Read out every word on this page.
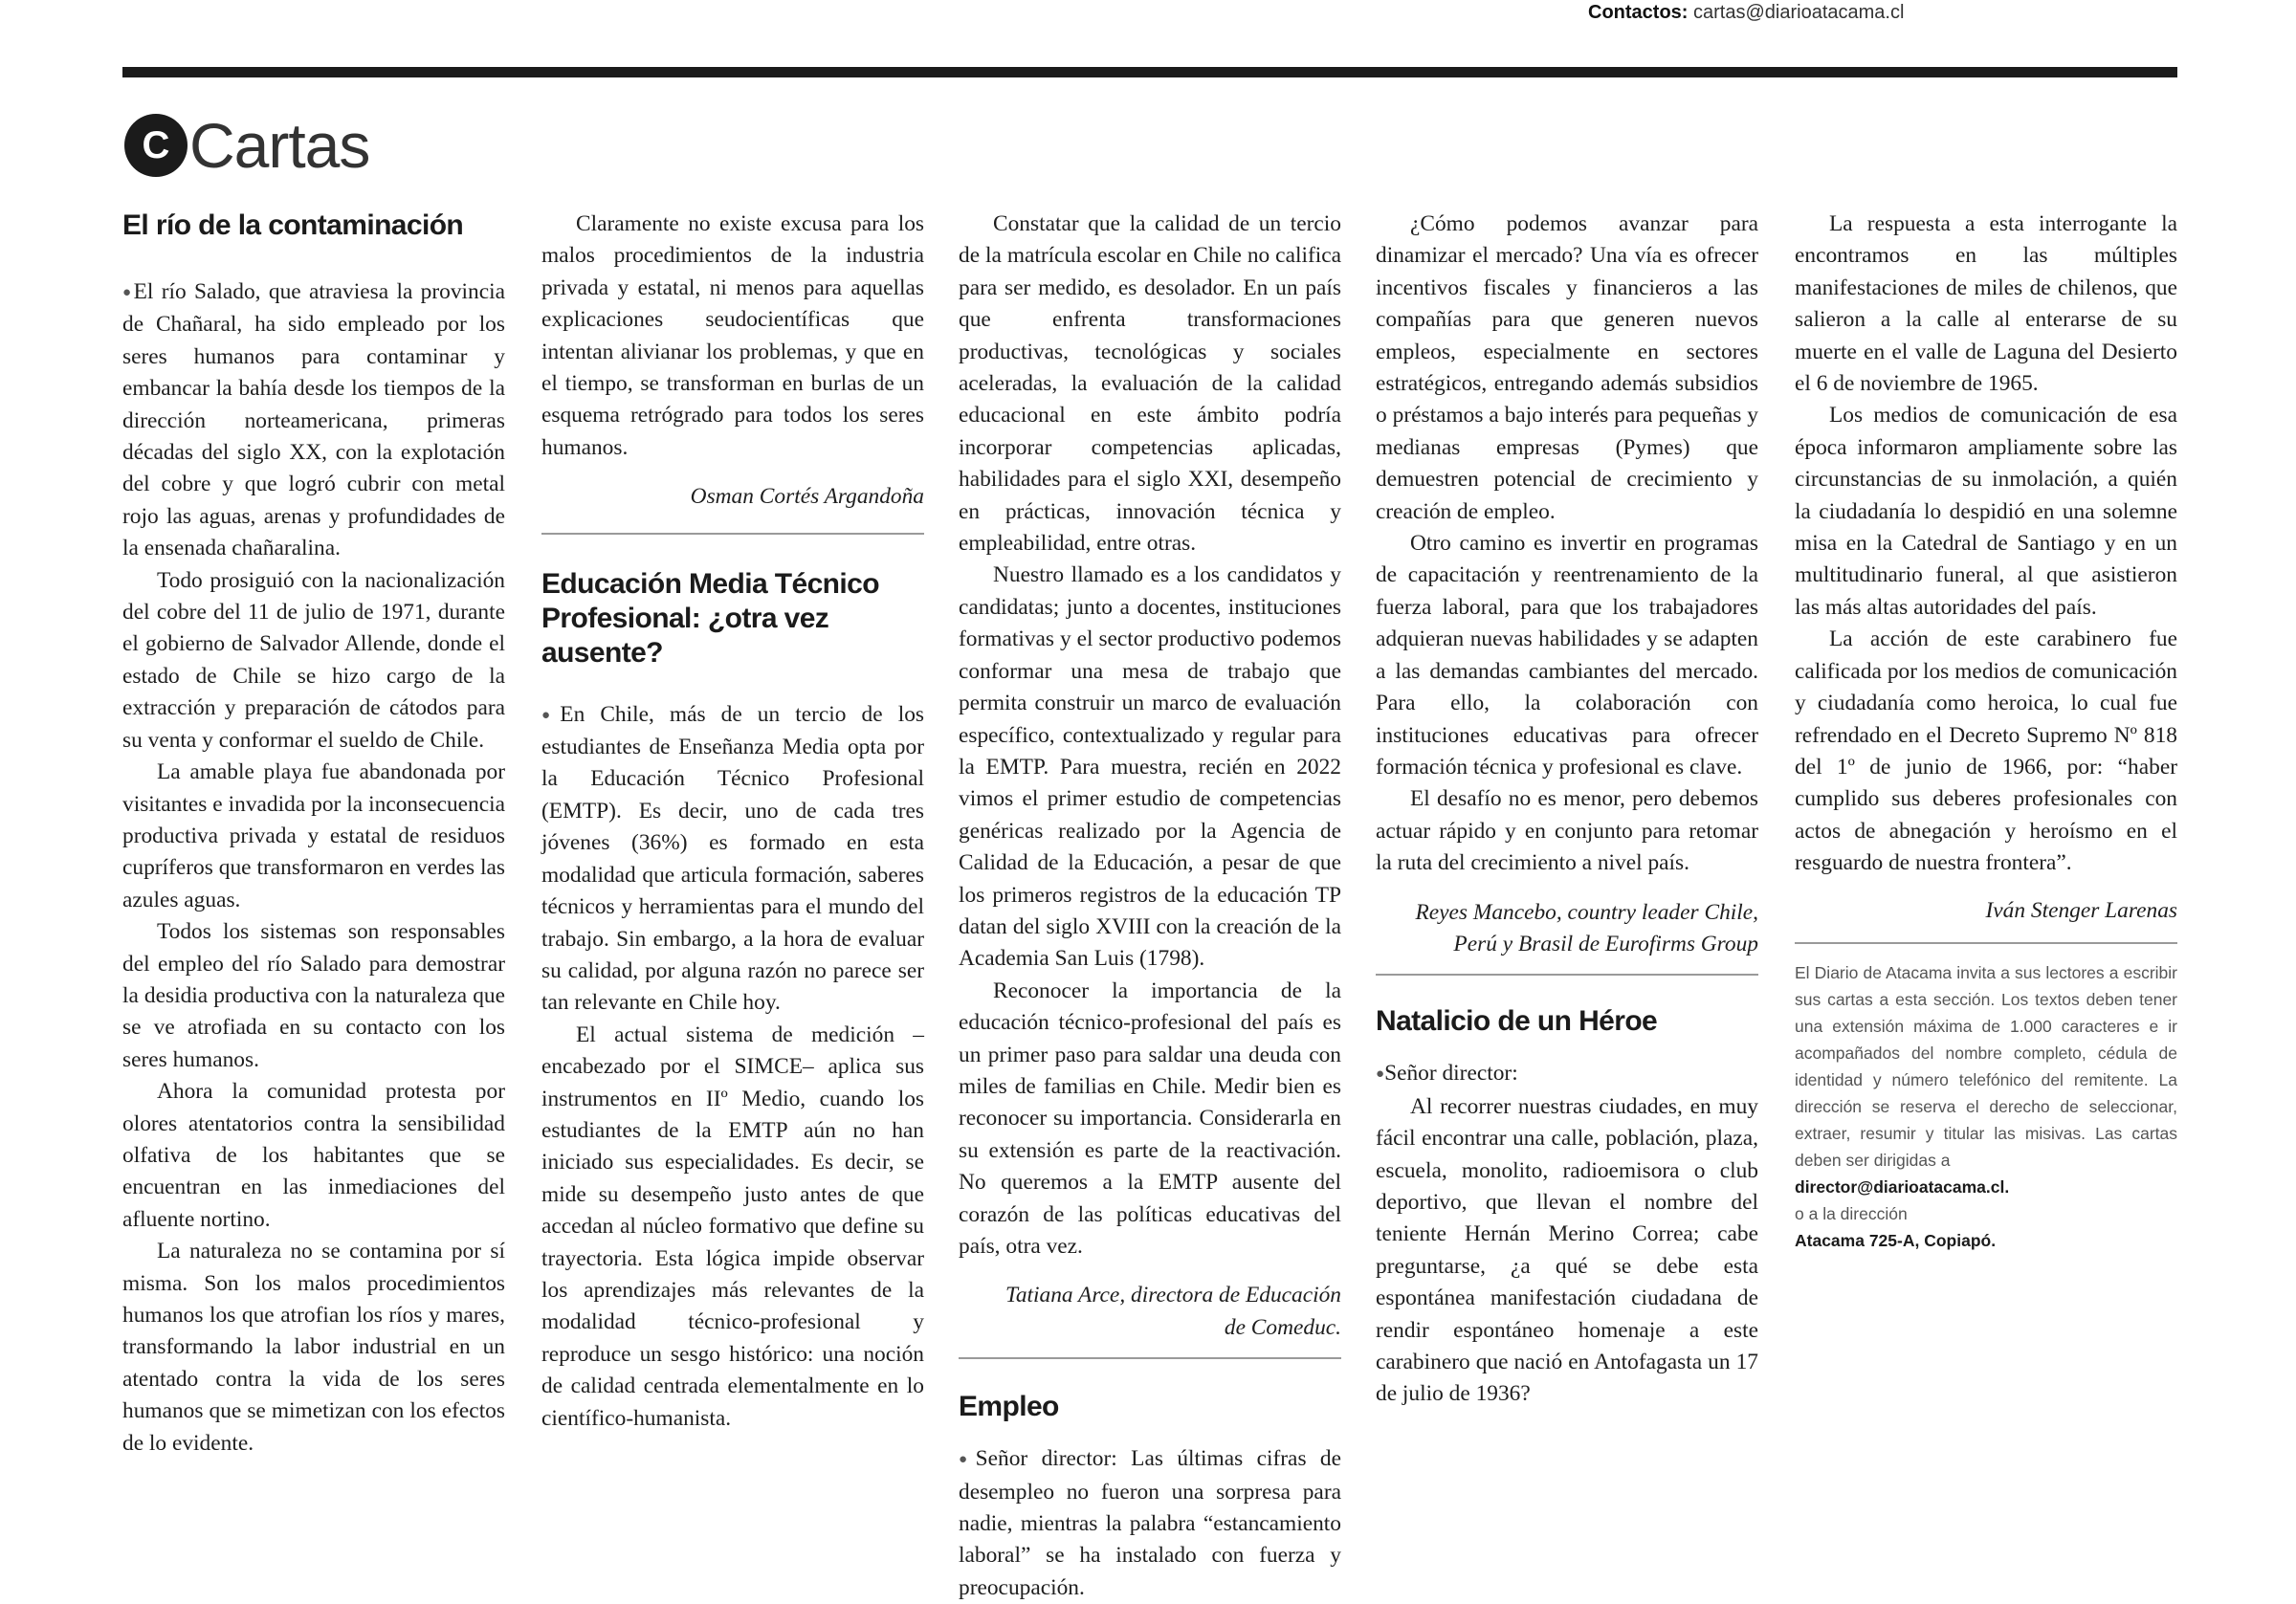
Contactos: cartas@diarioatacama.cl
C Cartas
El río de la contaminación

● El río Salado, que atraviesa la provincia de Chañaral, ha sido empleado por los seres humanos para contaminar y embancar la bahía desde los tiempos de la dirección norteamericana, primeras décadas del siglo XX, con la explotación del cobre y que logró cubrir con metal rojo las aguas, arenas y profundidades de la ensenada chañaralina.

Todo prosiguió con la nacionalización del cobre del 11 de julio de 1971, durante el gobierno de Salvador Allende, donde el estado de Chile se hizo cargo de la extracción y preparación de cátodos para su venta y conformar el sueldo de Chile.

La amable playa fue abandonada por visitantes e invadida por la inconsecuencia productiva privada y estatal de residuos cupríferos que transformaron en verdes las azules aguas.

Todos los sistemas son responsables del empleo del río Salado para demostrar la desidia productiva con la naturaleza que se ve atrofiada en su contacto con los seres humanos.

Ahora la comunidad protesta por olores atentatorios contra la sensibilidad olfativa de los habitantes que se encuentran en las inmediaciones del afluente nortino.

La naturaleza no se contamina por sí misma. Son los malos procedimientos humanos los que atrofian los ríos y mares, transformando la labor industrial en un atentado contra la vida de los seres humanos que se mimetizan con los efectos de lo evidente.

Claramente no existe excusa para los malos procedimientos de la industria privada y estatal, ni menos para aquellas explicaciones seudocientíficas que intentan alivianar los problemas, y que en el tiempo, se transforman en burlas de un esquema retrógrado para todos los seres humanos.

Osman Cortés Argandoña

Educación Media Técnico Profesional: ¿otra vez ausente?

● En Chile, más de un tercio de los estudiantes de Enseñanza Media opta por la Educación Técnico Profesional (EMTP). Es decir, uno de cada tres jóvenes (36%) es formado en esta modalidad que articula formación, saberes técnicos y herramientas para el mundo del trabajo. Sin embargo, a la hora de evaluar su calidad, por alguna razón no parece ser tan relevante en Chile hoy.

El actual sistema de medición –encabezado por el SIMCE– aplica sus instrumentos en IIº Medio, cuando los estudiantes de la EMTP aún no han iniciado sus especialidades. Es decir, se mide su desempeño justo antes de que accedan al núcleo formativo que define su trayectoria. Esta lógica impide observar los aprendizajes más relevantes de la modalidad técnico-profesional y reproduce un sesgo histórico: una noción de calidad centrada elementalmente en lo científico-humanista.

Constatar que la calidad de un tercio de la matrícula escolar en Chile no califica para ser medido, es desolador. En un país que enfrenta transformaciones productivas, tecnológicas y sociales aceleradas, la evaluación de la calidad educacional en este ámbito podría incorporar competencias aplicadas, habilidades para el siglo XXI, desempeño en prácticas, innovación técnica y empleabilidad, entre otras.

Nuestro llamado es a los candidatos y candidatas; junto a docentes, instituciones formativas y el sector productivo podemos conformar una mesa de trabajo que permita construir un marco de evaluación específico, contextualizado y regular para la EMTP. Para muestra, recién en 2022 vimos el primer estudio de competencias genéricas realizado por la Agencia de Calidad de la Educación, a pesar de que los primeros registros de la educación TP datan del siglo XVIII con la creación de la Academia San Luis (1798).

Reconocer la importancia de la educación técnico-profesional del país es un primer paso para saldar una deuda con miles de familias en Chile. Medir bien es reconocer su importancia. Considerarla en su extensión es parte de la reactivación. No queremos a la EMTP ausente del corazón de las políticas educativas del país, otra vez.

Tatiana Arce, directora de Educación de Comeduc.

Empleo

● Señor director: Las últimas cifras de desempleo no fueron una sorpresa para nadie, mientras la palabra “estancamiento laboral” se ha instalado con fuerza y preocupación.

¿Cómo podemos avanzar para dinamizar el mercado? Una vía es ofrecer incentivos fiscales y financieros a las compañías para que generen nuevos empleos, especialmente en sectores estratégicos, entregando además subsidios o préstamos a bajo interés para pequeñas y medianas empresas (Pymes) que demuestren potencial de crecimiento y creación de empleo.

Otro camino es invertir en programas de capacitación y reentrenamiento de la fuerza laboral, para que los trabajadores adquieran nuevas habilidades y se adapten a las demandas cambiantes del mercado. Para ello, la colaboración con instituciones educativas para ofrecer formación técnica y profesional es clave.

El desafío no es menor, pero debemos actuar rápido y en conjunto para retomar la ruta del crecimiento a nivel país.

Reyes Mancebo, country leader Chile, Perú y Brasil de Eurofirms Group

Natalicio de un Héroe

● Señor director:

Al recorrer nuestras ciudades, en muy fácil encontrar una calle, población, plaza, escuela, monolito, radioemisora o club deportivo, que llevan el nombre del teniente Hernán Merino Correa; cabe preguntarse, ¿a qué se debe esta espontánea manifestación ciudadana de rendir espontáneo homenaje a este carabinero que nació en Antofagasta un 17 de julio de 1936?

La respuesta a esta interrogante la encontramos en las múltiples manifestaciones de miles de chilenos, que salieron a la calle al enterarse de su muerte en el valle de Laguna del Desierto el 6 de noviembre de 1965.

Los medios de comunicación de esa época informaron ampliamente sobre las circunstancias de su inmolación, a quién la ciudadanía lo despidió en una solemne misa en la Catedral de Santiago y en un multitudinario funeral, al que asistieron las más altas autoridades del país.

La acción de este carabinero fue calificada por los medios de comunicación y ciudadanía como heroica, lo cual fue refrendado en el Decreto Supremo Nº 818 del 1º de junio de 1966, por: “haber cumplido sus deberes profesionales con actos de abnegación y heroísmo en el resguardo de nuestra frontera”.

Iván Stenger Larenas

El Diario de Atacama invita a sus lectores a escribir sus cartas a esta sección. Los textos deben tener una extensión máxima de 1.000 caracteres e ir acompañados del nombre completo, cédula de identidad y número telefónico del remitente. La dirección se reserva el derecho de seleccionar, extraer, resumir y titular las misivas. Las cartas deben ser dirigidas a
director@diarioatacama.cl.
o a la dirección
Atacama 725-A, Copiapó.
